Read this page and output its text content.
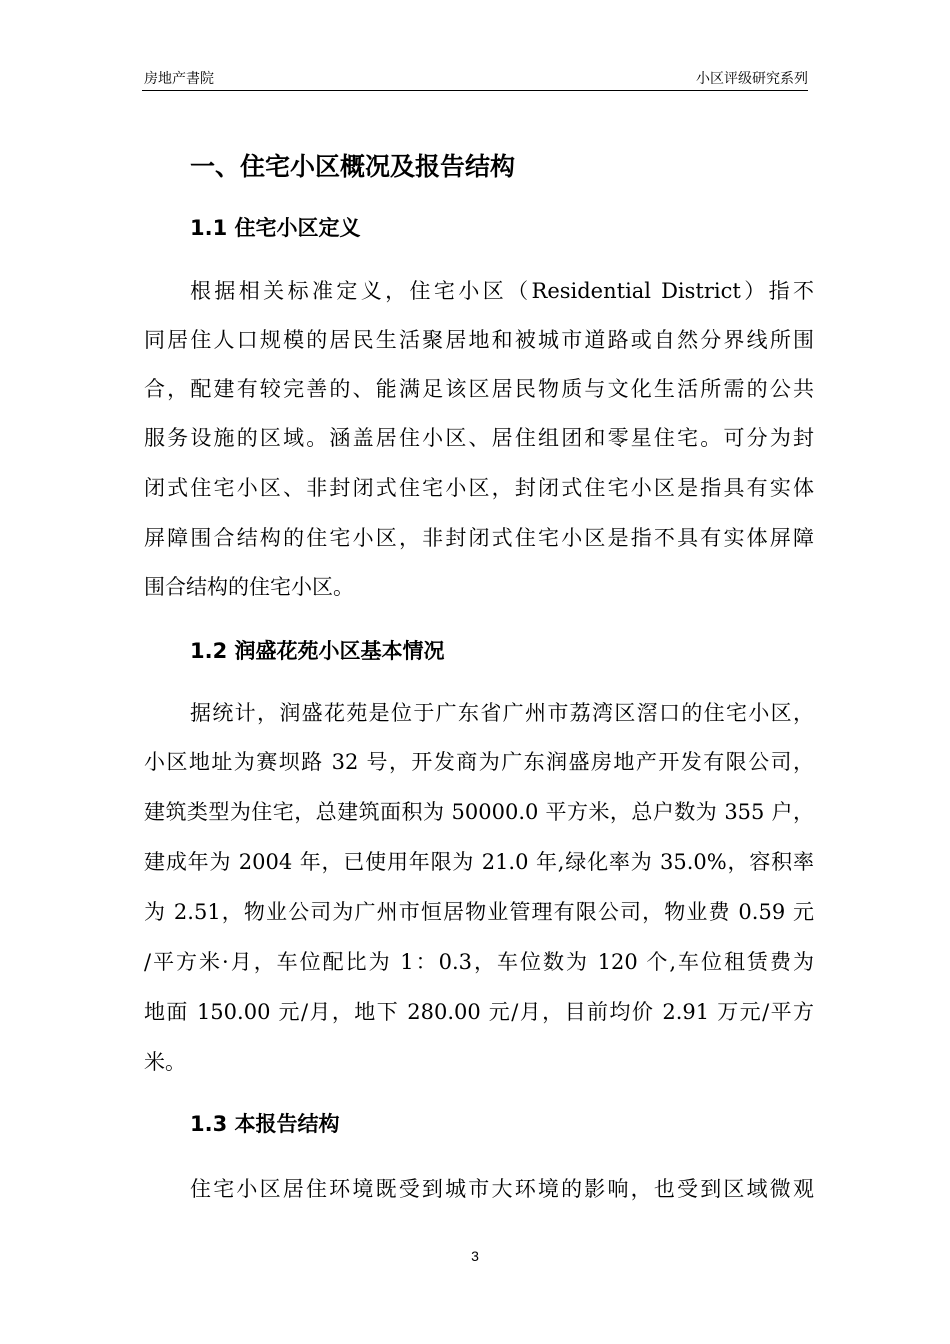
房地产書院	小区评级研究系列
一、住宅小区概况及报告结构
1.1 住宅小区定义
根据相关标准定义，住宅小区（Residential District）指不
同居住人口规模的居民生活聚居地和被城市道路或自然分界线所围
合，配建有较完善的、能满足该区居民物质与文化生活所需的公共
服务设施的区域。涵盖居住小区、居住组团和零星住宅。可分为封
闭式住宅小区、非封闭式住宅小区，封闭式住宅小区是指具有实体
屏障围合结构的住宅小区，非封闭式住宅小区是指不具有实体屏障
围合结构的住宅小区。
1.2 润盛花苑小区基本情况
据统计，润盛花苑是位于广东省广州市荔湾区滘口的住宅小区，
小区地址为赛坝路 32 号，开发商为广东润盛房地产开发有限公司，
建筑类型为住宅，总建筑面积为 50000.0 平方米，总户数为 355 户，
建成年为 2004 年，已使用年限为 21.0 年,绿化率为 35.0%，容积率
为 2.51，物业公司为广州市恒居物业管理有限公司，物业费 0.59 元
/平方米·月，车位配比为 1：0.3，车位数为 120 个,车位租赁费为
地面 150.00 元/月，地下 280.00 元/月，目前均价 2.91 万元/平方
米。
1.3 本报告结构
住宅小区居住环境既受到城市大环境的影响，也受到区域微观
3
